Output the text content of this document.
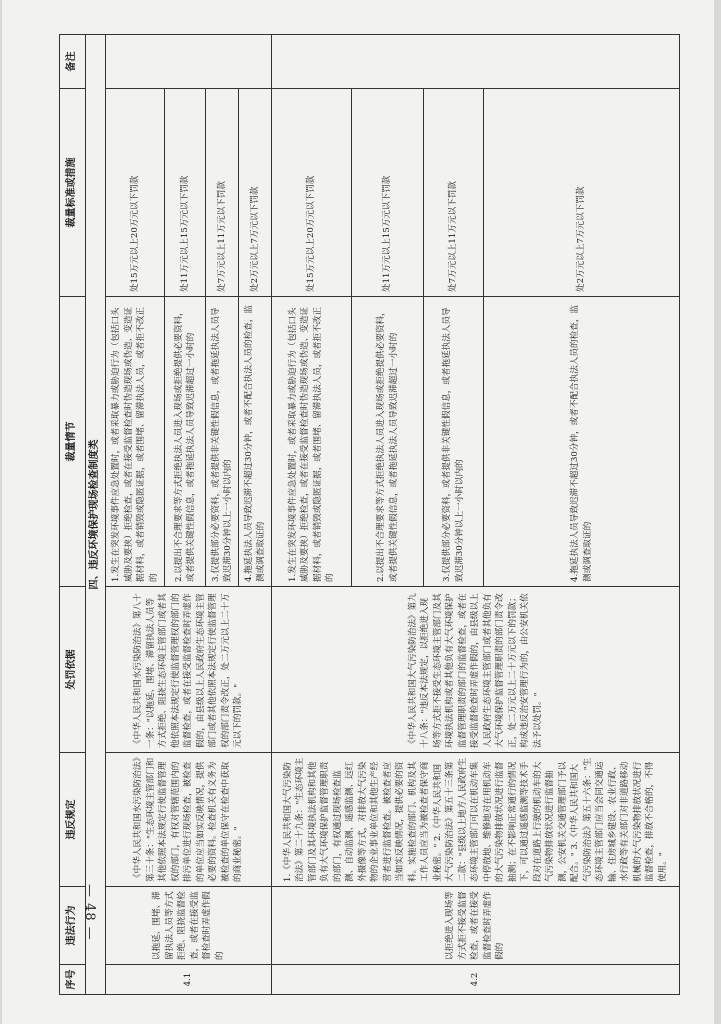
— 48 —
序号	违法行为	违反规定	处罚依据	裁量情节	裁量标准或措施	备注
四、违反环境保护现场检查制度类						
4.1	以拖延、围堵、滞留执法人员等方式拒绝、阻挠监督检查，或者在接受监督检查时弄虚作假的	《中华人民共和国水污染防治法》第三十条："生态环境主管部门和其他依照本法规定行使监督管理权的部门，有权对管辖范围内的排污单位进行现场检查，被检查的单位应当如实反映情况，提供必要的资料。检查机关有义务为被检查的单位保守在检查中获取的商业秘密。"	《中华人民共和国水污染防治法》第八十一条："以拖延、围堵、滞留执法人员等方式拒绝、阻挠生态环境主管部门或者其他依照本法规定行使监督管理权的部门的监督检查，或者在接受监督检查时弄虚作假的，由县级以上人民政府生态环境主管部门或者其他依照本法规定行使监督管理权的部门责令改正，处二万元以上二十万元以下的罚款。"	1.发生在突发环境事件应急处置时，或者采取暴力或胁迫行为（包括口头威胁及要挟）拒绝检查，或者在接受监督检查时伪造现场或伪造、变造证据材料，或者销毁或隐匿证据，或者围堵、留滞执法人员，或者拒不改正的	处15万元以上20万元以下罚款	
				2.以提出不合理要求等方式拒绝执法人员进入现场或拒绝提供必要资料，或者提供关键性假信息，或者拖延执法人员导致迟滞超过一小时的	处11万元以上15万元以下罚款	
				3.仅提供部分必要资料，或者提供非关键性假信息，或者拖延执法人员导致迟滞30分钟以上一小时以内的	处7万元以上11万元以下罚款	
				4.拖延执法人员导致迟滞不超过30分钟，或者不配合执法人员的检查，监测或调查取证的	处2万元以上7万元以下罚款	
4.2	以拒绝进入现场等方式拒不接受监督检查，或者在接受监督检查时弄虚作假的	1.《中华人民共和国大气污染防治法》第二十九条："生态环境主管部门及其环境执法机构和其他负有大气环境保护监督管理职责的部门，有权通过现场检查监测、自动监测、遥感监测、远红外摄像等方式，对排放大气污染物的企业事业单位和其他生产经营者进行监督检查。被检查者应当如实反映情况，提供必要的资料。实施检查的部门、机构及其工作人员应当为被检查者保守商业秘密。" 2.《中华人民共和国大气污染防治法》第五十三条第二款："县级以上地方人民政府生态环境主管部门可以在机动车集中停放地、维修地对在用机动车的大气污染物排放状况进行监督抽测；在不影响正常通行的情况下，可以通过遥感监测等技术手段对在道路上行驶的机动车的大气污染物排放状况进行监督抽测，公安机关交通管理部门予以配合。" 3.《中华人民共和国大气污染防治法》第五十六条："生态环境主管部门应当会同交通运输、住房城乡建设、农业行政、水行政等有关部门对非道路移动机械的大气污染物排放状况进行监督检查，排放不合格的，不得使用。"	《中华人民共和国大气污染防治法》第九十八条："违反本法规定，以拒绝进入现场等方式拒不接受生态环境主管部门及其环境执法机构或者其他负有大气环境保护监督管理职责的部门的监督检查，或者在接受监督检查时弄虚作假的，由县级以上人民政府生态环境主管部门或者其他负有大气环境保护监督管理职责的部门责令改正，处二万元以上二十万元以下的罚款；构成违反治安管理行为的，由公安机关依法予以处罚。"	1.发生在突发环境事件应急处置时，或者采取暴力或胁迫行为（包括口头威胁及要挟）拒绝检查，或者在接受监督检查时伪造现场或伪造、变造证据材料，或者销毁或隐匿证据，或者围堵、留滞执法人员，或者拒不改正的	处15万元以上20万元以下罚款	
				2.以提出不合理要求等方式拒绝执法人员进入现场或拒绝提供必要资料，或者提供关键性假信息，或者拖延执法人员导致迟滞超过一小时的	处11万元以上15万元以下罚款	
				3.仅提供部分必要资料，或者提供非关键性假信息，或者拖延执法人员导致迟滞30分钟以上一小时以内的	处7万元以上11万元以下罚款	
				4.拖延执法人员导致迟滞不超过30分钟，或者不配合执法人员的检查，监测或调查取证的	处2万元以上7万元以下罚款	
